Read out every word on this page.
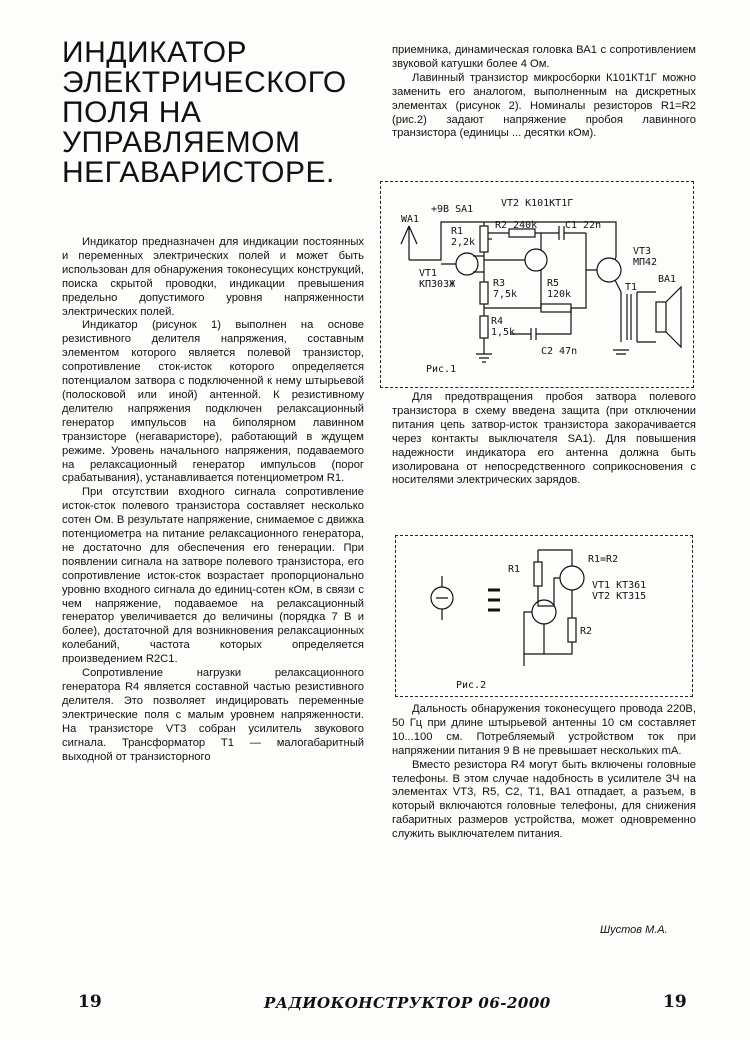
ИНДИКАТОР ЭЛЕКТРИЧЕСКОГО ПОЛЯ НА УПРАВЛЯЕМОМ НЕГАВАРИСТОРЕ.

Индикатор предназначен для индикации постоянных и переменных электрических полей и может быть использован для обнаружения токонесущих конструкций, поиска скрытой проводки, индикации превышения предельно допустимого уровня напряженности электрических полей.

Индикатор (рисунок 1) выполнен на основе резистивного делителя напряжения, составным элементом которого является полевой транзистор, сопротивление сток-исток которого определяется потенциалом затвора с подключенной к нему штырьевой (полосковой или иной) антенной. К резистивному делителю напряжения подключен релаксационный генератор импульсов на биполярном лавинном транзисторе (негаваристоре), работающий в ждущем режиме. Уровень начального напряжения, подаваемого на релаксационный генератор импульсов (порог срабатывания), устанавливается потенциометром R1.

При отсутствии входного сигнала сопротивление исток-сток полевого транзистора составляет несколько сотен Ом. В результате напряжение, снимаемое с движка потенциометра на питание релаксационного генератора, не достаточно для обеспечения его генерации. При появлении сигнала на затворе полевого транзистора, его сопротивление исток-сток возрастает пропорционально уровню входного сигнала до единиц-сотен кОм, в связи с чем напряжение, подаваемое на релаксационный генератор увеличивается до величины (порядка 7 В и более), достаточной для возникновения релаксационных колебаний, частота которых определяется произведением R2C1.

Сопротивление нагрузки релаксационного генератора R4 является составной частью резистивного делителя. Это позволяет индицировать переменные электрические поля с малым уровнем напряженности. На транзисторе VT3 собран усилитель звукового сигнала. Трансформатор Т1 — малогабаритный выходной от транзисторного

приемника, динамическая головка ВА1 с сопротивлением звуковой катушки более 4 Ом.

Лавинный транзистор микросборки К101КТ1Г можно заменить его аналогом, выполненным на дискретных элементах (рисунок 2). Номиналы резисторов R1=R2 (рис.2) задают напряжение пробоя лавинного транзистора (единицы ... десятки кОм).

+9В SA1
VT2 К101КТ1Г
WA1
R1
2,2k
R2 240k	C1 22n
VT3
МП42
VT1
КП303Ж	R3
7,5k
R5
120k
T1
BA1
R4
1,5k
C2 47n
Рис.1

Для предотвращения пробоя затвора полевого транзистора в схему введена защита (при отключении питания цепь затвор-исток транзистора закорачивается через контакты выключателя SA1). Для повышения надежности индикатора его антенна должна быть изолирована от непосредственного соприкосновения с носителями электрических зарядов.

R1=R2
R1
VT1 КТ361
VT2 КТ315
R2
Рис.2

Дальность обнаружения токонесущего провода 220В, 50 Гц при длине штырьевой антенны 10 см составляет 10...100 см. Потребляемый устройством ток при напряжении питания 9 В не превышает нескольких mA.

Вместо резистора R4 могут быть включены головные телефоны. В этом случае надобность в усилителе ЗЧ на элементах VT3, R5, C2, T1, BA1 отпадает, а разъем, в который включаются головные телефоны, для снижения габаритных размеров устройства, может одновременно служить выключателем питания.

Шустов М.А.
19	РАДИОКОНСТРУКТОР 06-2000	19
